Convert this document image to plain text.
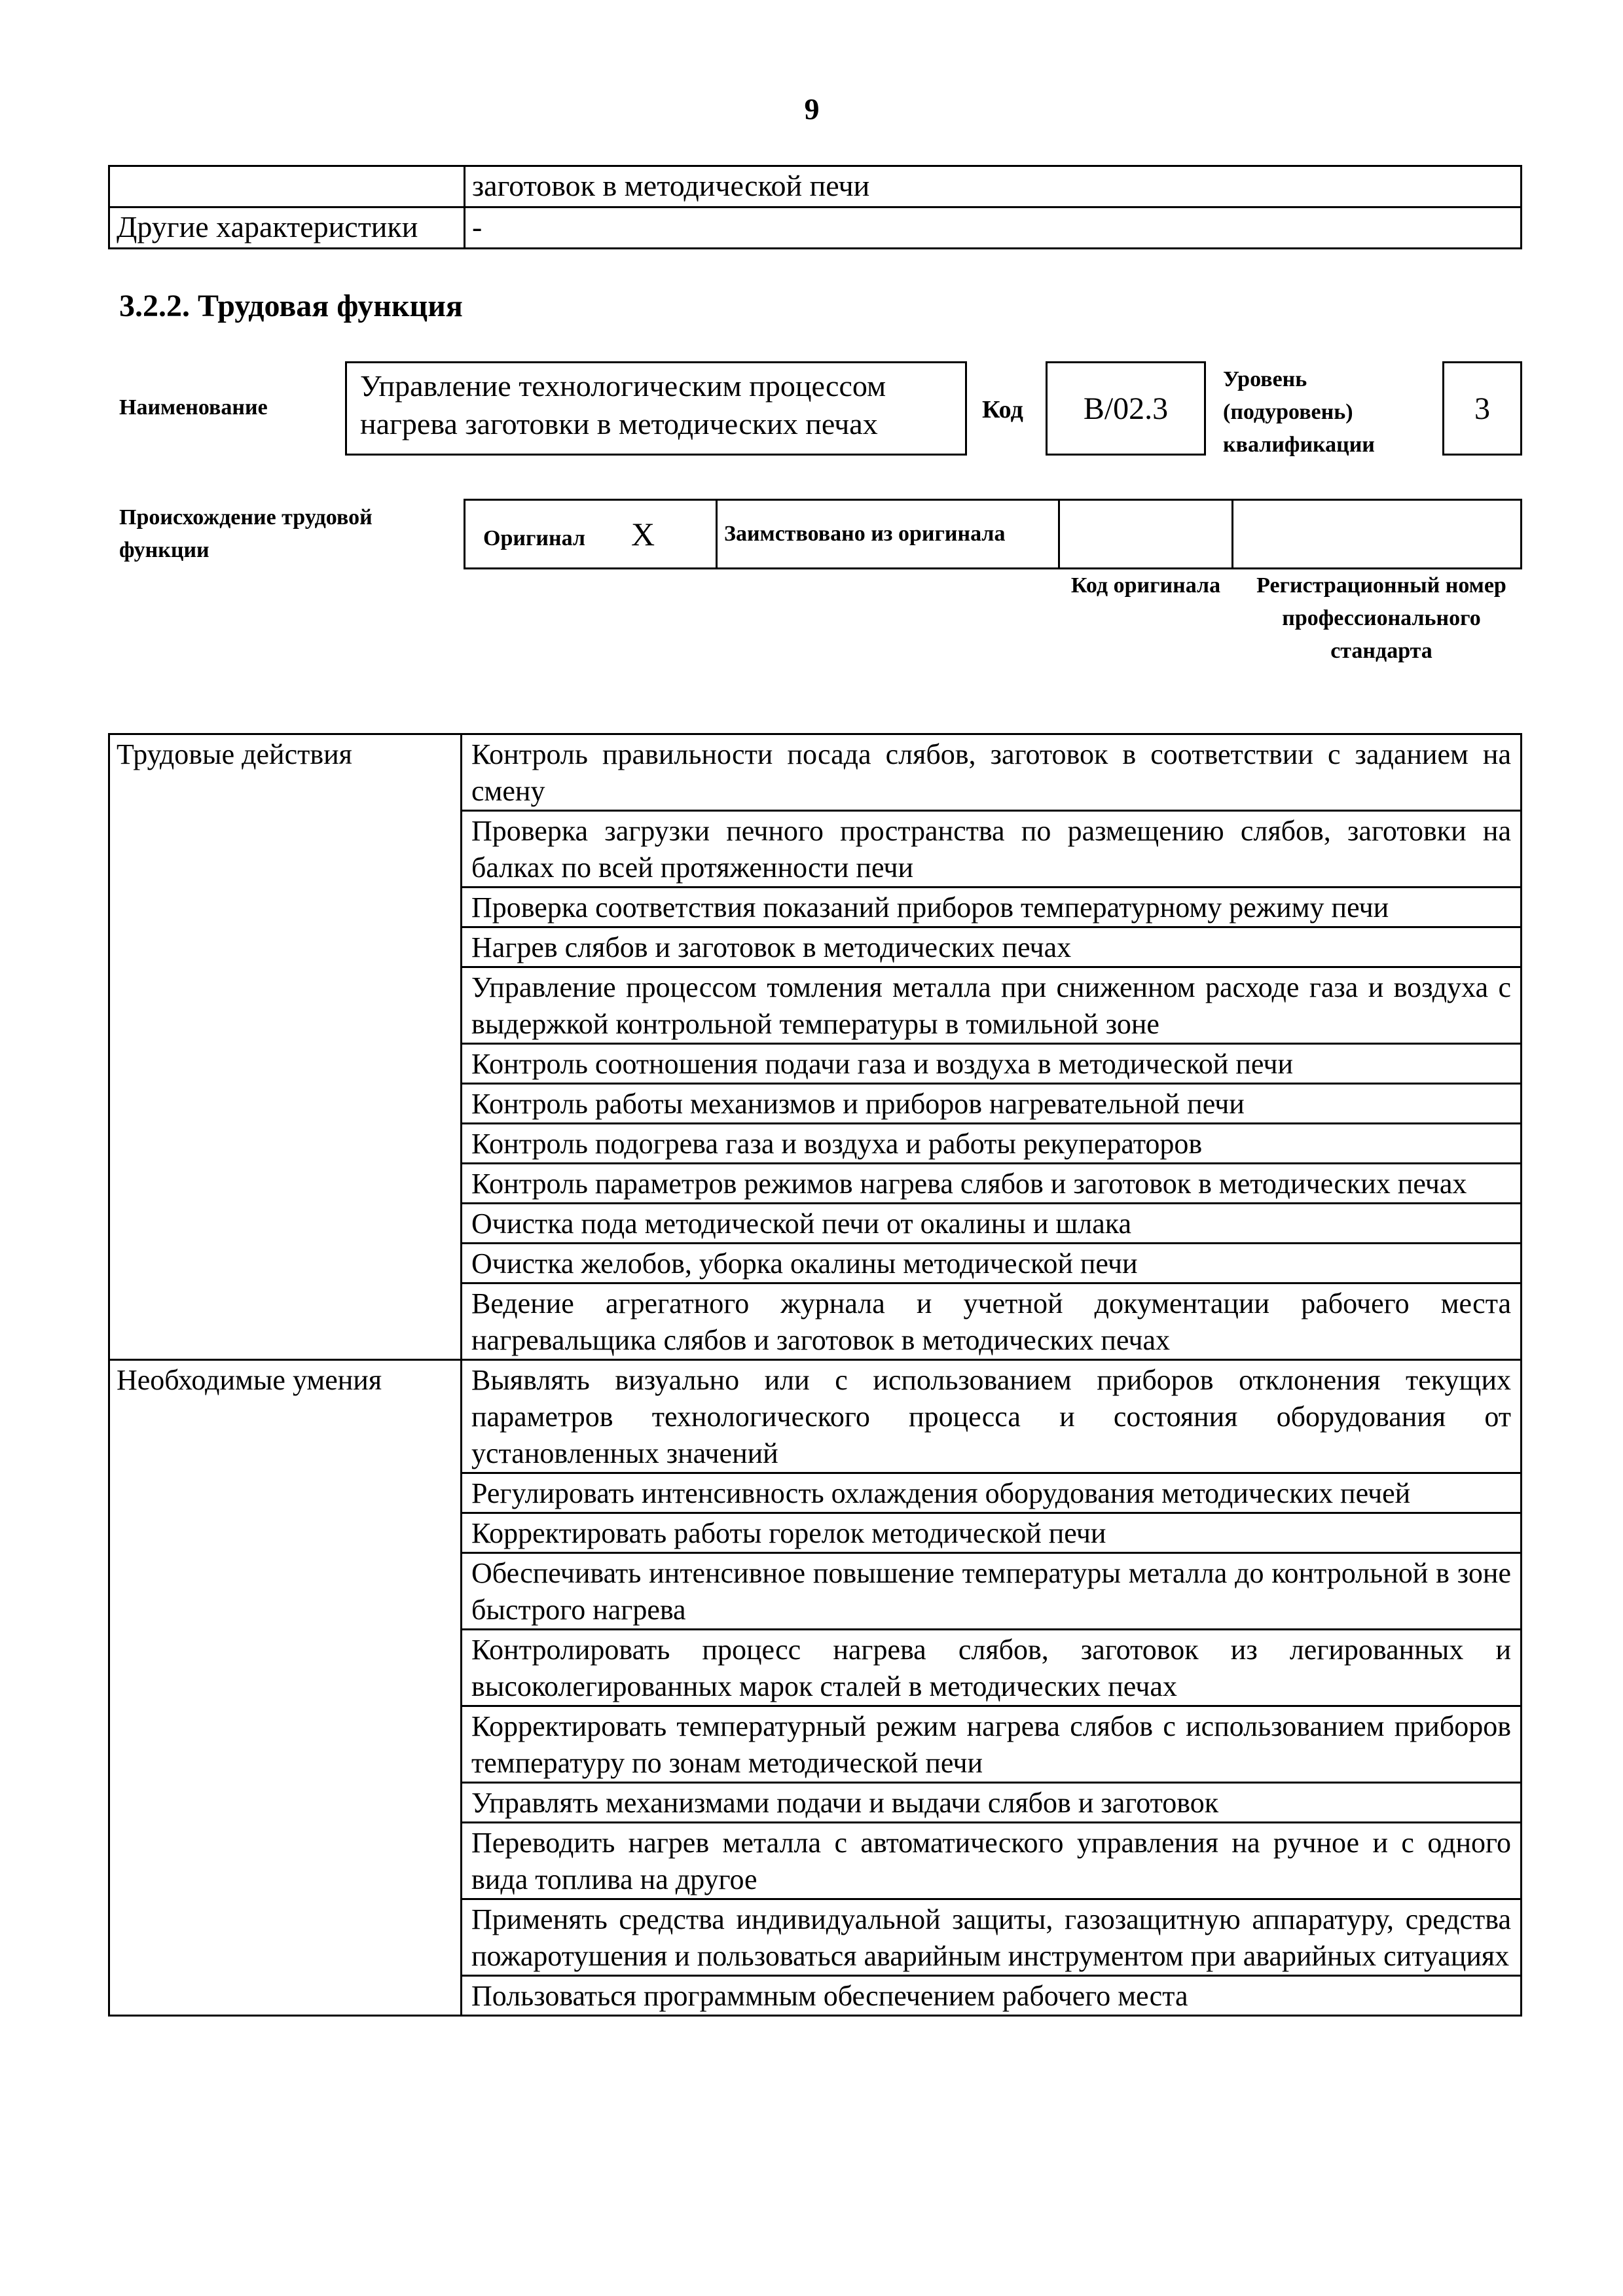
9
	заготовок в методической печи
Другие характеристики	-
3.2.2. Трудовая функция
Наименование
Управление технологическим процессом нагрева заготовки в методических печах	Код	В/02.3
Уровень
(подуровень)
квалификации
3
Происхождение трудовой функции	Оригинал X	Заимствовано из оригинала		
Код оригинала	Регистрационный номер профессионального стандарта
Трудовые действия	Контроль правильности посада слябов, заготовок в соответствии с заданием на смену
	Проверка загрузки печного пространства по размещению слябов, заготовки на балках по всей протяженности печи
	Проверка соответствия показаний приборов температурному режиму печи
	Нагрев слябов и заготовок в методических печах
	Управление процессом томления металла при сниженном расходе газа и воздуха с выдержкой контрольной температуры в томильной зоне
	Контроль соотношения подачи газа и воздуха в методической печи
	Контроль работы механизмов и приборов нагревательной печи
	Контроль подогрева газа и воздуха и работы рекуператоров
	Контроль параметров режимов нагрева слябов и заготовок в методических печах
	Очистка пода методической печи от окалины и шлака
	Очистка желобов, уборка окалины методической печи
	Ведение агрегатного журнала и учетной документации рабочего места нагревальщика слябов и заготовок в методических печах
Необходимые умения	Выявлять визуально или с использованием приборов отклонения текущих параметров технологического процесса и состояния оборудования от установленных значений
	Регулировать интенсивность охлаждения оборудования методических печей
	Корректировать работы горелок методической печи
	Обеспечивать интенсивное повышение температуры металла до контрольной в зоне быстрого нагрева
	Контролировать процесс нагрева слябов, заготовок из легированных и высоколегированных марок сталей в методических печах
	Корректировать температурный режим нагрева слябов с использованием приборов температуру по зонам методической печи
	Управлять механизмами подачи и выдачи слябов и заготовок
	Переводить нагрев металла с автоматического управления на ручное и с одного вида топлива на другое
	Применять средства индивидуальной защиты, газозащитную аппаратуру, средства пожаротушения и пользоваться аварийным инструментом при аварийных ситуациях
	Пользоваться программным обеспечением рабочего места
